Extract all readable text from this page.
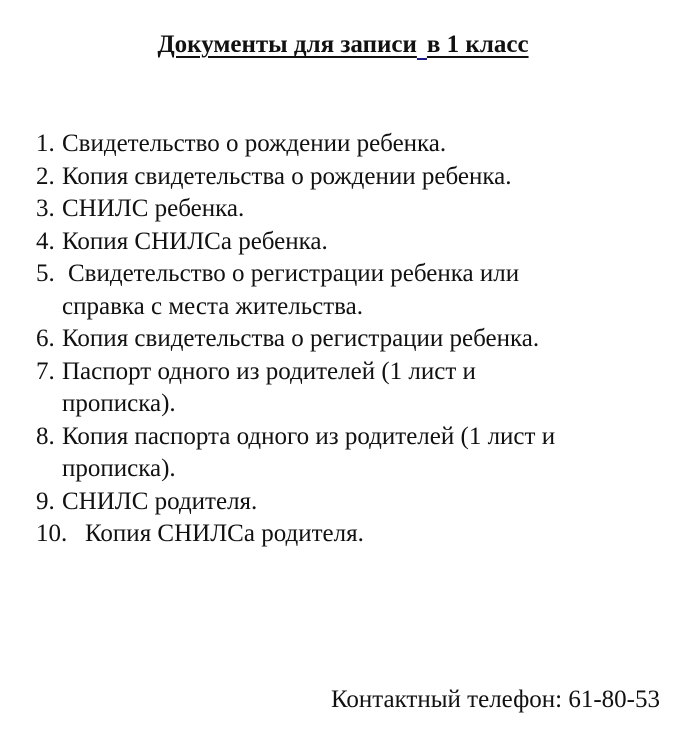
Документы для записи в 1 класс
1. Свидетельство о рождении ребенка.
2. Копия свидетельства о рождении ребенка.
3. СНИЛС ребенка.
4. Копия СНИЛСа ребенка.
5. Свидетельство о регистрации ребенка или
справка с места жительства.
6. Копия свидетельства о регистрации ребенка.
7. Паспорт одного из родителей (1 лист и
прописка).
8. Копия паспорта одного из родителей (1 лист и
прописка).
9. СНИЛС родителя.
10. Копия СНИЛСа родителя.
Контактный телефон: 61-80-53
